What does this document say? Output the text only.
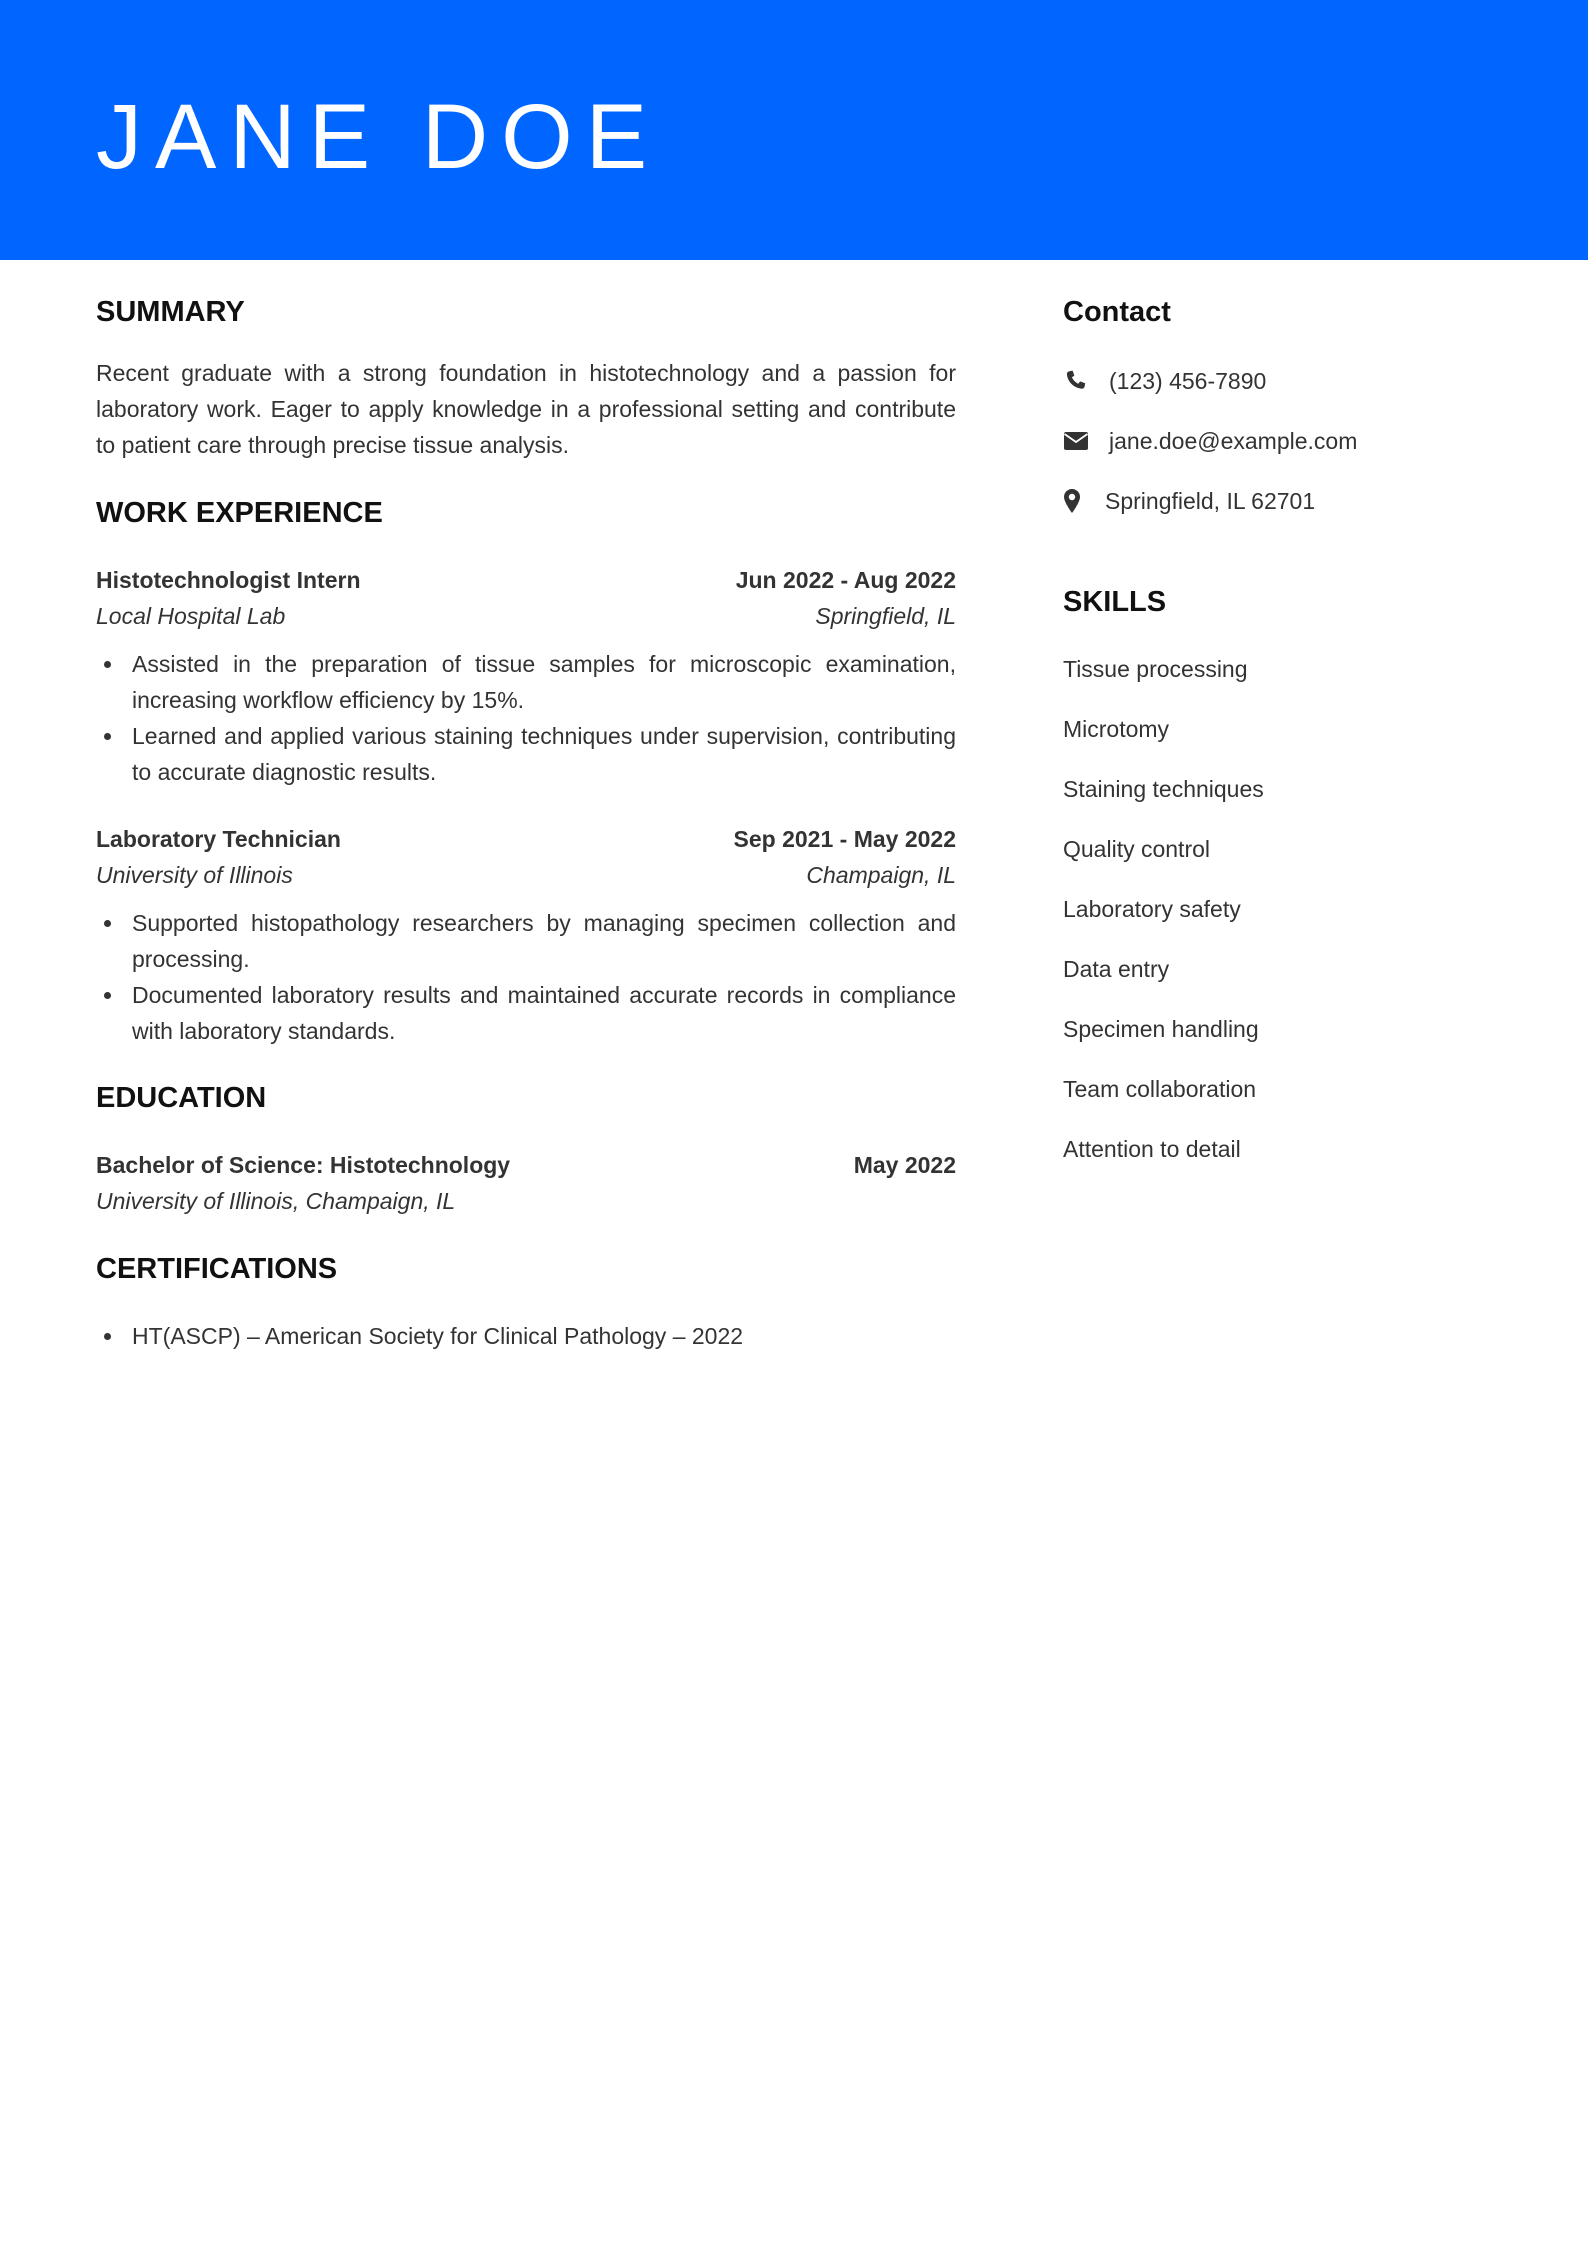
JANE DOE
SUMMARY
Recent graduate with a strong foundation in histotechnology and a passion for laboratory work. Eager to apply knowledge in a professional setting and contribute to patient care through precise tissue analysis.
WORK EXPERIENCE
Histotechnologist Intern	Jun 2022 - Aug 2022
Local Hospital Lab	Springfield, IL
Assisted in the preparation of tissue samples for microscopic examination, increasing workflow efficiency by 15%.
Learned and applied various staining techniques under supervision, contributing to accurate diagnostic results.
Laboratory Technician	Sep 2021 - May 2022
University of Illinois	Champaign, IL
Supported histopathology researchers by managing specimen collection and processing.
Documented laboratory results and maintained accurate records in compliance with laboratory standards.
EDUCATION
Bachelor of Science: Histotechnology	May 2022
University of Illinois, Champaign, IL
CERTIFICATIONS
HT(ASCP) – American Society for Clinical Pathology – 2022
Contact
(123) 456-7890
jane.doe@example.com
Springfield, IL 62701
SKILLS
Tissue processing
Microtomy
Staining techniques
Quality control
Laboratory safety
Data entry
Specimen handling
Team collaboration
Attention to detail
